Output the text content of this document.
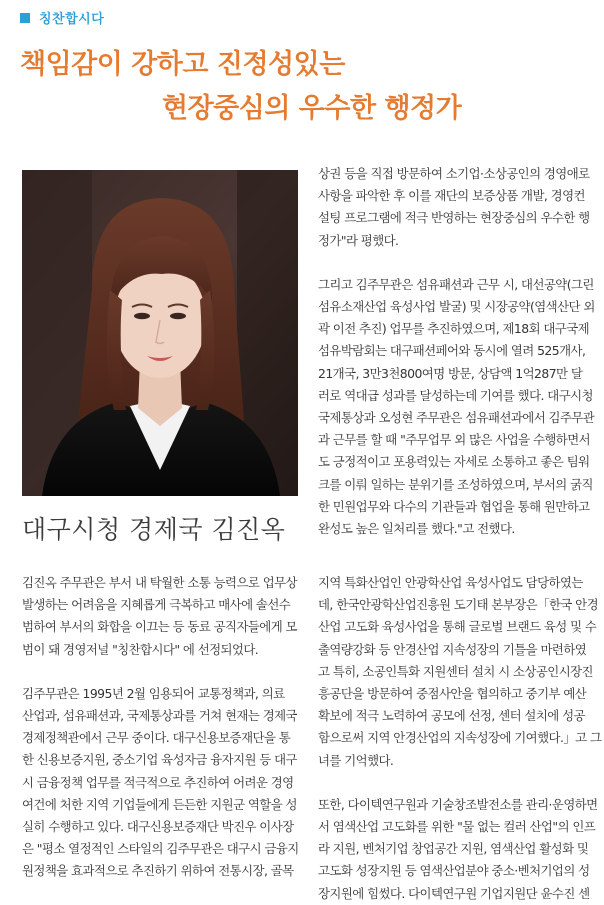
칭찬합시다
책임감이 강하고 진정성있는
현장중심의 우수한 행정가
대구시청 경제국 김진옥

상권 등을 직접 방문하여 소기업·소상공인의 경영애로

사항을 파악한 후 이를 재단의 보증상품 개발, 경영컨

설팅 프로그램에 적극 반영하는 현장중심의 우수한 행

정가"라 평했다.

그리고 김주무관은 섬유패션과 근무 시, 대선공약(그린

섬유소재산업 육성사업 발굴) 및 시장공약(염색산단 외

곽 이전 추진) 업무를 추진하였으며, 제18회 대구국제

섬유박람회는 대구패션페어와 동시에 열려 525개사,

21개국, 3만3천800여명 방문, 상담액 1억287만 달

러로 역대급 성과를 달성하는데 기여를 했다. 대구시청

국제통상과 오성현 주무관은 섬유패션과에서 김주무관

과 근무를 할 때 "주무업무 외 많은 사업을 수행하면서

도 긍정적이고 포용력있는 자세로 소통하고 좋은 팀워

크를 이뤄 일하는 분위기를 조성하였으며, 부서의 굵직

한 민원업무와 다수의 기관들과 협업을 통해 원만하고

완성도 높은 일처리를 했다."고 전했다.

김진옥 주무관은 부서 내 탁월한 소통 능력으로 업무상

발생하는 어려움을 지혜롭게 극복하고 매사에 솔선수

범하여 부서의 화합을 이끄는 등 동료 공직자들에게 모

범이 돼 경영저널 "칭찬합시다" 에 선정되었다.

김주무관은 1995년 2월 임용되어 교통정책과, 의료

산업과, 섬유패션과, 국제통상과를 거쳐 현재는 경제국

경제정책관에서 근무 중이다. 대구신용보증재단을 통

한 신용보증지원, 중소기업 육성자금 융자지원 등 대구

시 금융정책 업무를 적극적으로 추진하여 어려운 경영

여건에 처한 지역 기업들에게 든든한 지원군 역할을 성

실히 수행하고 있다. 대구신용보증재단 박진우 이사장

은 "평소 열정적인 스타일의 김주무관은 대구시 금융지

원정책을 효과적으로 추진하기 위하여 전통시장, 골목

지역 특화산업인 안광학산업 육성사업도 담당하였는

데, 한국안광학산업진흥원 도기태 본부장은「한국 안경

산업 고도화 육성사업을 통해 글로벌 브랜드 육성 및 수

출역량강화 등 안경산업 지속성장의 기틀을 마련하였

고 특히, 소공인특화 지원센터 설치 시 소상공인시장진

흥공단을 방문하여 중점사안을 협의하고 중기부 예산

확보에 적극 노력하여 공모에 선정, 센터 설치에 성공

함으로써 지역 안경산업의 지속성장에 기여했다.」고 그

녀를 기억했다.

또한, 다이텍연구원과 기술창조발전소를 관리·운영하면

서 염색산업 고도화를 위한 "물 없는 컬러 산업"의 인프

라 지원, 벤처기업 창업공간 지원, 염색산업 활성화 및

고도화 성장지원 등 염색산업분야 중소·벤처기업의 성

장지원에 힘썼다. 다이텍연구원 기업지원단 윤수진 센
